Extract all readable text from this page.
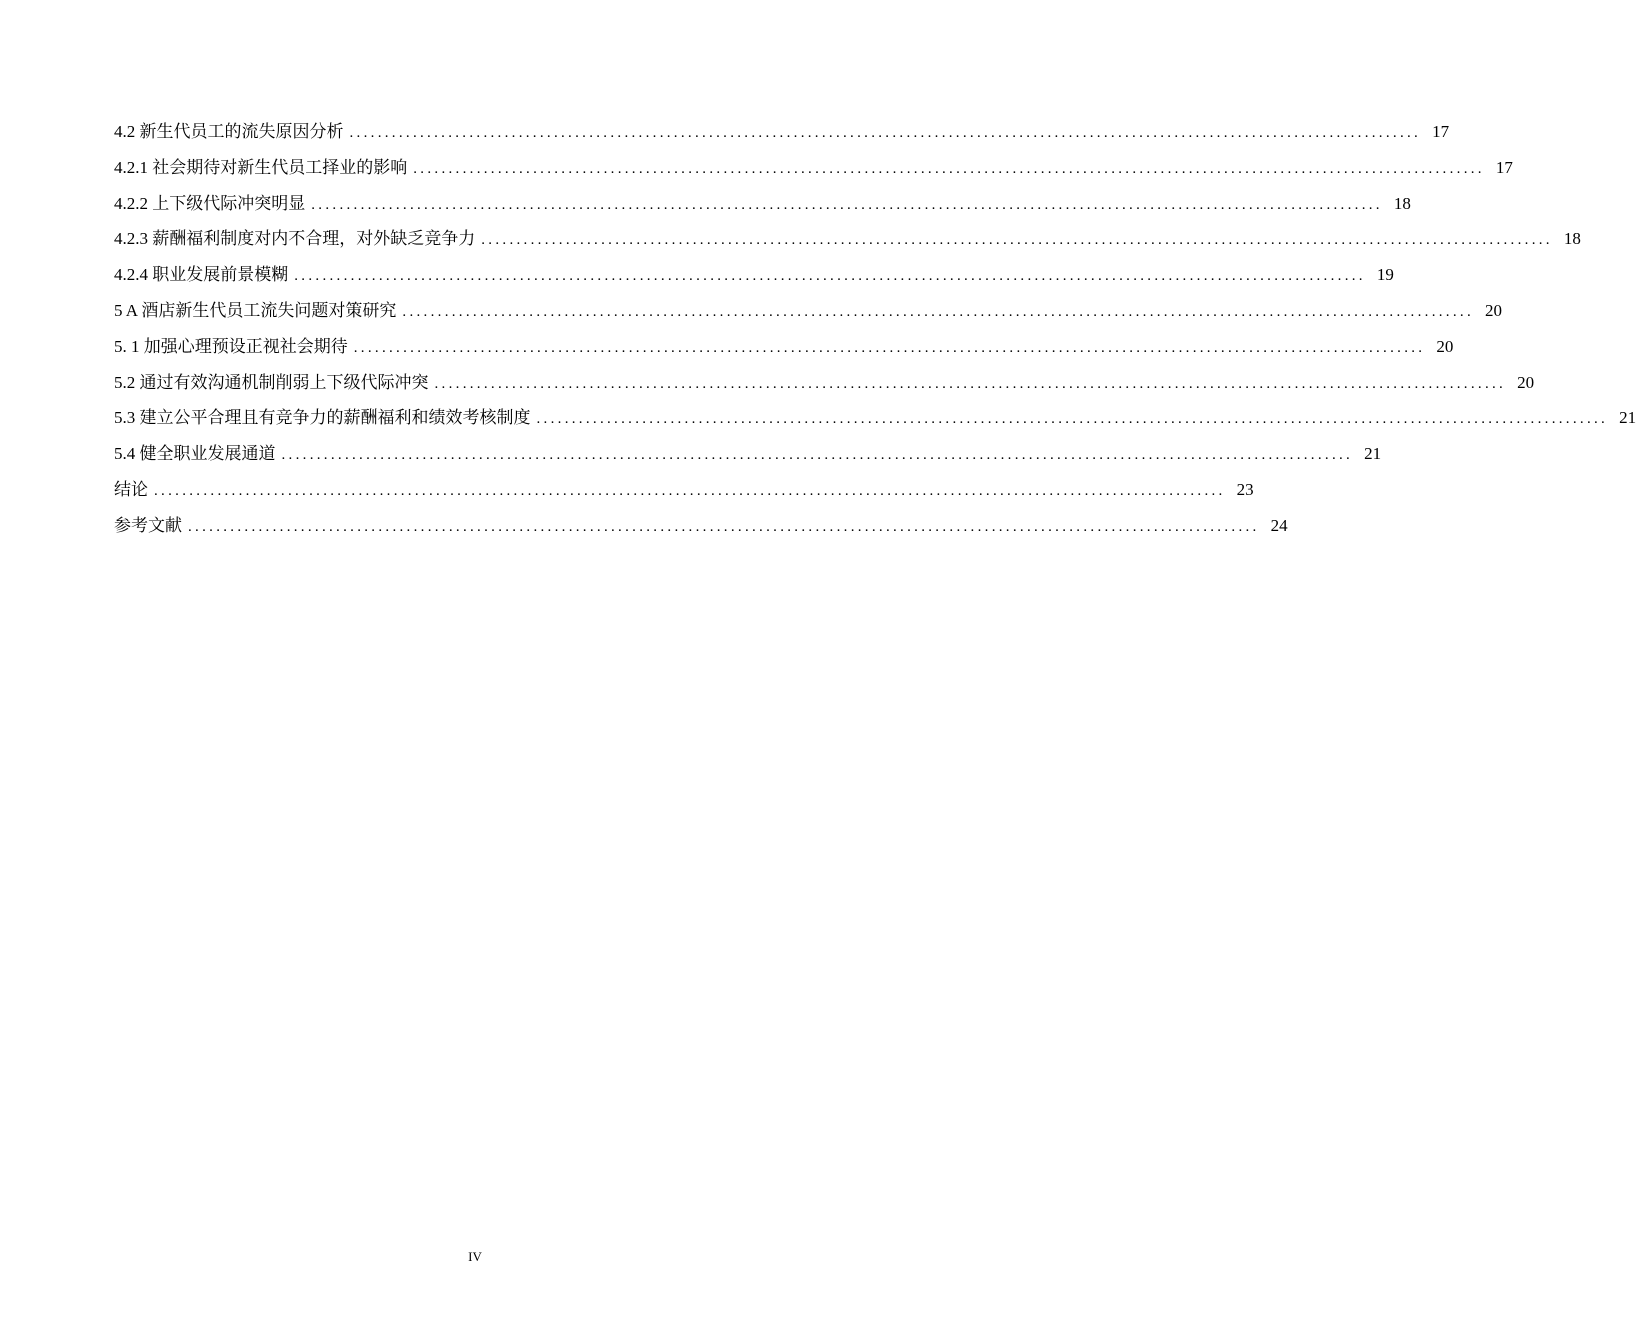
4.2 新生代员工的流失原因分析 ........................................................................................................................................................ 17
4.2.1 社会期待对新生代员工择业的影响 ........................................................................................................................................................ 17
4.2.2 上下级代际冲突明显 ........................................................................................................................................................ 18
4.2.3 薪酬福利制度对内不合理，对外缺乏竞争力 ........................................................................................................................................................ 18
4.2.4 职业发展前景模糊 ........................................................................................................................................................ 19
5 A 酒店新生代员工流失问题对策研究 ........................................................................................................................................................ 20
5. 1 加强心理预设正视社会期待 ........................................................................................................................................................ 20
5.2 通过有效沟通机制削弱上下级代际冲突 ........................................................................................................................................................ 20
5.3 建立公平合理且有竞争力的薪酬福利和绩效考核制度 ........................................................................................................................................................ 21
5.4 健全职业发展通道 ........................................................................................................................................................ 21
结论 ........................................................................................................................................................ 23
参考文献 ........................................................................................................................................................ 24
IV
